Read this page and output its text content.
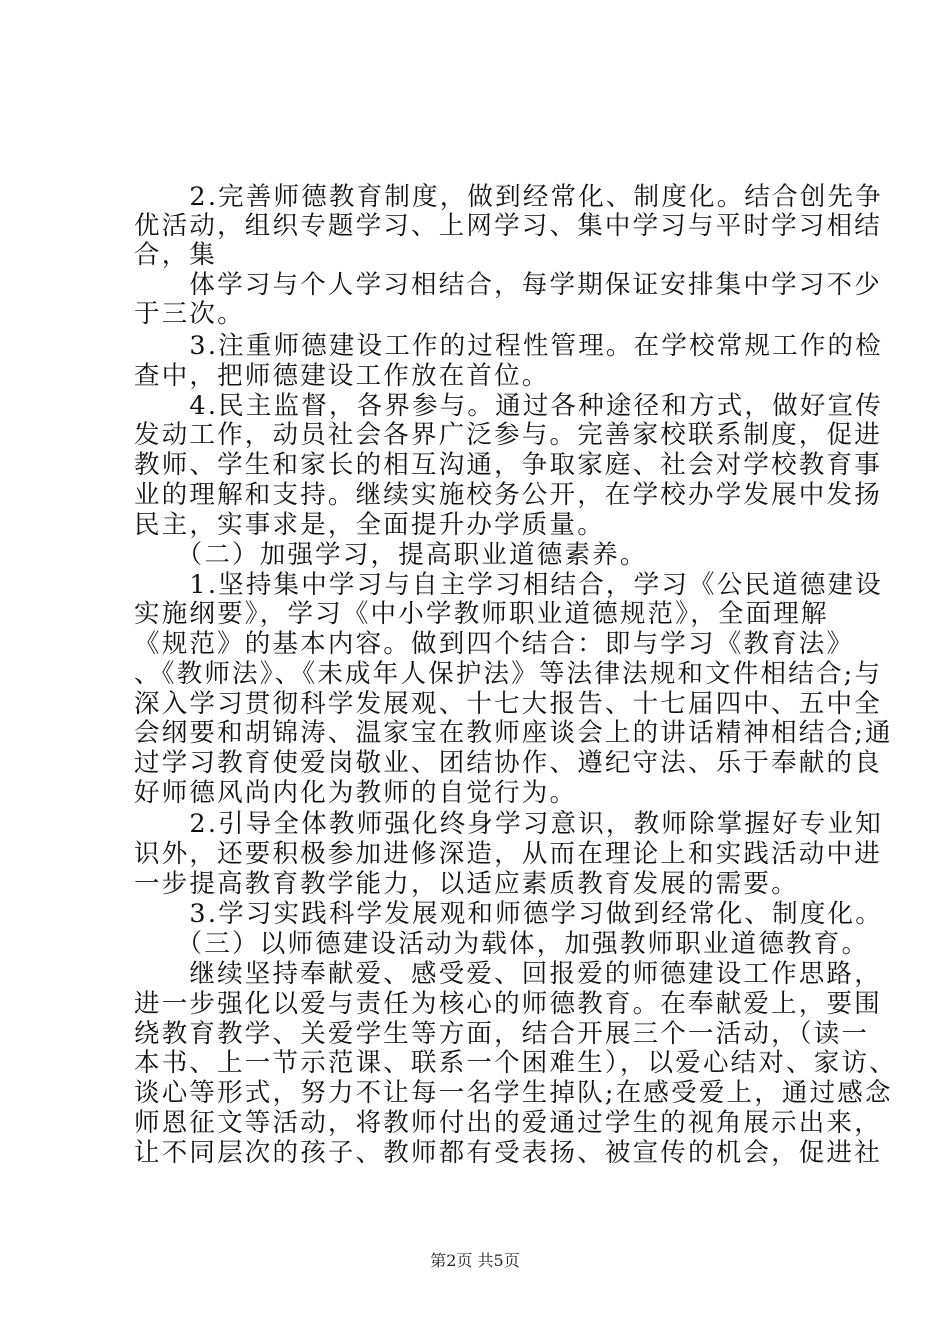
　　2.完善师德教育制度，做到经常化、制度化。结合创先争
优活动，组织专题学习、上网学习、集中学习与平时学习相结
合，集
　　体学习与个人学习相结合，每学期保证安排集中学习不少
于三次。
　　3.注重师德建设工作的过程性管理。在学校常规工作的检
查中，把师德建设工作放在首位。
　　4.民主监督，各界参与。通过各种途径和方式，做好宣传
发动工作，动员社会各界广泛参与。完善家校联系制度，促进
教师、学生和家长的相互沟通，争取家庭、社会对学校教育事
业的理解和支持。继续实施校务公开，在学校办学发展中发扬
民主，实事求是，全面提升办学质量。
　　（二）加强学习，提高职业道德素养。
　　1.坚持集中学习与自主学习相结合，学习《公民道德建设
实施纲要》，学习《中小学教师职业道德规范》，全面理解
《规范》的基本内容。做到四个结合：即与学习《教育法》
、《教师法》、《未成年人保护法》等法律法规和文件相结合;与
深入学习贯彻科学发展观、十七大报告、十七届四中、五中全
会纲要和胡锦涛、温家宝在教师座谈会上的讲话精神相结合;通
过学习教育使爱岗敬业、团结协作、遵纪守法、乐于奉献的良
好师德风尚内化为教师的自觉行为。
　　2.引导全体教师强化终身学习意识，教师除掌握好专业知
识外，还要积极参加进修深造，从而在理论上和实践活动中进
一步提高教育教学能力，以适应素质教育发展的需要。
　　3.学习实践科学发展观和师德学习做到经常化、制度化。
　　（三）以师德建设活动为载体，加强教师职业道德教育。
　　继续坚持奉献爱、感受爱、回报爱的师德建设工作思路，
进一步强化以爱与责任为核心的师德教育。在奉献爱上，要围
绕教育教学、关爱学生等方面，结合开展三个一活动，（读一
本书、上一节示范课、联系一个困难生），以爱心结对、家访、
谈心等形式，努力不让每一名学生掉队;在感受爱上，通过感念
师恩征文等活动，将教师付出的爱通过学生的视角展示出来，
让不同层次的孩子、教师都有受表扬、被宣传的机会，促进社
第2页 共5页
